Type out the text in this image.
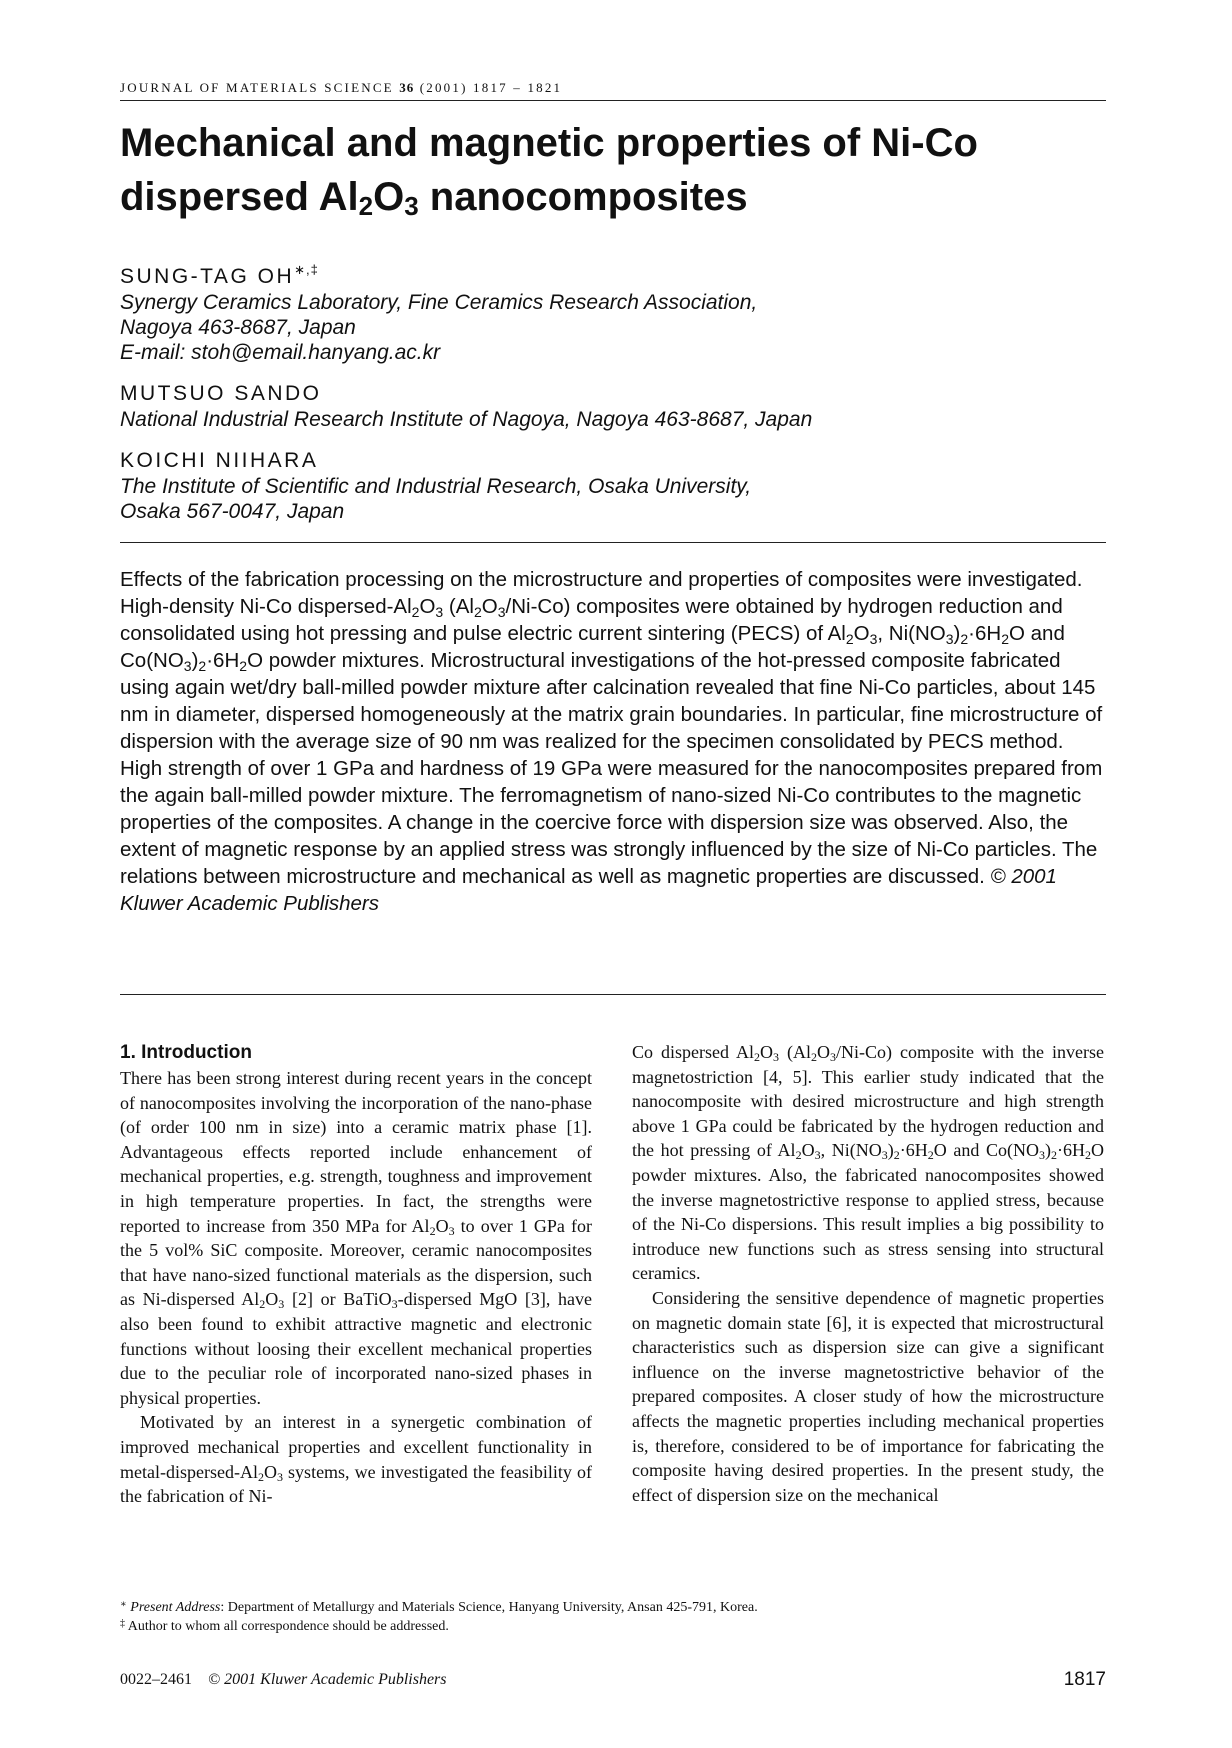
JOURNAL OF MATERIALS SCIENCE 36 (2001) 1817 – 1821
Mechanical and magnetic properties of Ni-Co
dispersed $Al_2O_3$ nanocomposites
SUNG-TAG OH∗,‡
Synergy Ceramics Laboratory, Fine Ceramics Research Association,
Nagoya 463-8687, Japan
E-mail: stoh@email.hanyang.ac.kr
MUTSUO SANDO
National Industrial Research Institute of Nagoya, Nagoya 463-8687, Japan
KOICHI NIIHARA
The Institute of Scientific and Industrial Research, Osaka University,
Osaka 567-0047, Japan

Effects of the fabrication processing on the microstructure and properties of composites were investigated. High-density Ni-Co dispersed-$Al_2O_3$ $(Al_2O_3/Ni-Co)$ composites were obtained by hydrogen reduction and consolidated using hot pressing and pulse electric current sintering (PECS) of $Al_2O_3$, $Ni(NO_3)_2\cdot 6H_2O$ and $Co(NO_3)_2\cdot 6H_2O$ powder mixtures. Microstructural investigations of the hot-pressed composite fabricated using again wet/dry ball-milled powder mixture after calcination revealed that fine Ni-Co particles, about 145 nm in diameter, dispersed homogeneously at the matrix grain boundaries. In particular, fine microstructure of dispersion with the average size of 90 nm was realized for the specimen consolidated by PECS method. High strength of over 1 GPa and hardness of 19 GPa were measured for the nanocomposites prepared from the again ball-milled powder mixture. The ferromagnetism of nano-sized Ni-Co contributes to the magnetic properties of the composites. A change in the coercive force with dispersion size was observed. Also, the extent of magnetic response by an applied stress was strongly influenced by the size of Ni-Co particles. The relations between microstructure and mechanical as well as magnetic properties are discussed. © 2001 Kluwer Academic Publishers

1. Introduction

There has been strong interest during recent years in the concept of nanocomposites involving the incorporation of the nano-phase (of order 100 nm in size) into a ceramic matrix phase [1]. Advantageous effects reported include enhancement of mechanical properties, e.g. strength, toughness and improvement in high temperature properties. In fact, the strengths were reported to increase from 350 MPa for $Al_2O_3$ to over 1 GPa for the 5 vol% SiC composite. Moreover, ceramic nanocomposites that have nano-sized functional materials as the dispersion, such as Ni-dispersed $Al_2O_3$ [2] or BaTiO$_3$-dispersed MgO [3], have also been found to exhibit attractive magnetic and electronic functions without loosing their excellent mechanical properties due to the peculiar role of incorporated nano-sized phases in physical properties.

Motivated by an interest in a synergetic combination of improved mechanical properties and excellent functionality in metal-$dispersed-Al_2O_3$ systems, we investigated the feasibility of the fabrication of Ni-

Co dispersed $Al_2O_3$ $(Al_2O_3/Ni-Co)$ composite with the inverse magnetostriction [4, 5]. This earlier study indicated that the nanocomposite with desired microstructure and high strength above 1 GPa could be fabricated by the hydrogen reduction and the hot pressing of $Al_2O_3$, $Ni(NO_3)_2\cdot 6H_2O$ and $Co(NO_3)_2\cdot 6H_2O$ powder mixtures. Also, the fabricated nanocomposites showed the inverse magnetostrictive response to applied stress, because of the Ni-Co dispersions. This result implies a big possibility to introduce new functions such as stress sensing into structural ceramics.

Considering the sensitive dependence of magnetic properties on magnetic domain state [6], it is expected that microstructural characteristics such as dispersion size can give a significant influence on the inverse magnetostrictive behavior of the prepared composites. A closer study of how the microstructure affects the magnetic properties including mechanical properties is, therefore, considered to be of importance for fabricating the composite having desired properties. In the present study, the effect of dispersion size on the mechanical

∗ Present Address: Department of Metallurgy and Materials Science, Hanyang University, Ansan 425-791, Korea.
‡ Author to whom all correspondence should be addressed.
0022–2461 © 2001 Kluwer Academic Publishers	1817
